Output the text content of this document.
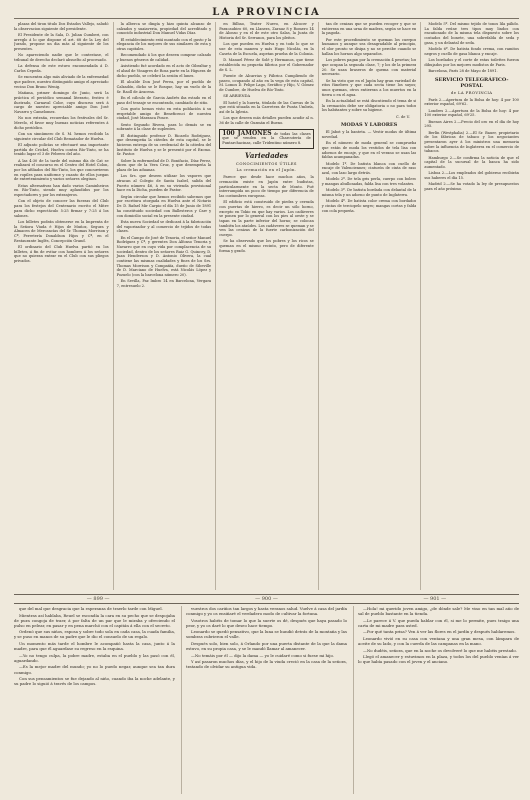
LA PROVINCIA

plazas del tiron titulo Dos Estados Vallejo, saludó la observacion siguiente del presidente.

El Presidente de la Sala, D. Julian Cumberi, con arreglo á lo que dispone el art. 68 de la Ley del Jurado, propone un dia más al siguiente de los presentes.

No apareciendo nadie que le contestase, el tribunal de derecho declaró absuelto al procesado.

La defensa de este estuvo encomendada á D. Carlos Cepeda.

Se encuentra algo más aliviado de la enfermedad que padece, nuestro distinguido amigo el apreciado vecino Don Bruno Wenig.

Mañana, primer domingo de Junio, será la práctica el periódico semanal literario, festivo é ilustrado, Carnaval Color, cuyo discurso será á cargo de nuestro apreciable amigo Don José Navarro y Camelomez.

No nos extraña, recuerdan los festivales del Sr. Merelo, el favor muy buenas noticias referentes á dicho periódico.

Con un sinnúmero de S. M. hemos recibido la siguiente circular del Club Rematador de Huelva.

El adjunto policías se efectuaré una importante partida de Crickel, Huelva contra Río-Tinto, se ha tenido lugar el 3 de Febrero del año.

A las 4:30 de la tarde del mismo día de Cat se realizará el concurso en el Centro del Hotel Colon, por los afiliados del Río-Tinto, los que concurrieron en ropiles para uniforme y cuanto de ellos juegan de entretenimiento y varios señores oleginos.

Estas alternativas han dado varios Caminheiros en Río-Tinto, siendo muy aplaudidos por los espectadores y por los extranjeros.

Con el objeto de conocer las fuerzas del Club para los festejos del Centenario escrito el Mitre para dicho espectáculo 5:25 firmar y 7:25 á los salones.

Los billetes podrán obtenerse en la Imprenta de la Señora Viuda é Hijos de Muñoz, Segura y Almacen de Mercancías del Sr. Thomas Morrison y Cª, Ferretería Donaldson Hijos y Cª, en el Restaurante Inglés, Concepción Grand.

El ordinario del Club Huelva partió en los billetes, á fin de evitar con hombres á los señores que no quieran entrar en el Club con sus pliegos privados.

la alberca se dingía y hizo quinta alcanzo de calzados y suaiaveria, propiedad del acreditado y conocido industrial Don Manuel Vidas Díaz.

El establecimiento está montado con el gusto y la elegancia de los mejores de sus similares de esta y otras capitales.

Recomendado á los que deseen comprar calzado y buenos géneros de calidad.

Asistiendo fué acordado en el acto de Gibraltar y el abad de Vinagres de Rosa parte en la Higuera de dicho pueblo, se celebró la sesión el lunes.

El alcalde Don José Perea, por el pueblo de Calzadón, dicho se le Bosque, hay un vuelo de la Sr. Raoll de Aracena.

En el cálculo de Garcia Andrés iba estado en el paso del tensaje se encontrado, cambiado de sitio.

Con gusto hemos visto en esta población á su respetable amigo de Beneficenci de nuestra ciudad, José Maranca Ponce.

Sexto Segundo Rivera, para lo demás se en sobrante á la clase de suplentes.

El distinguido profesor D. Ricardo Rodríguez, que desempeña la cátedra de esta capital, se le hicieron entrega de su credencial de la cátedra del Instituto de Huelva y se le presentó por el Excmo. Sr. Pastor.

Sobre la enfermedad de D. Bonifacio, Díaz Perez, dicen que de la Vera Cruz, y que desempeña la plaza de las aduanas.

Los Srs. que deseen utilizar los vapores que atracan al Colegio de Santa Isabel, salida del Puerto número 46, á en su vivienda provisional hace en la Dicha, pueden de Pastor.

Según circular que hemos recibido sabemos que por escritura otorgada en Huelva ante el Notario Dr. D. Rafael Mir Carpio el día 15 de Junio de 1891 ha constituido sociedad con Ballesteros y Carr y con domicilio social en la presente ciudad.

Esta nueva Sociedad se dedicará á la fabricación del vaporizador y al comercio de tejidos de todas clases.

En el Campo de José de Tenoria, el señor Manuel Rodríguez y Cª, y gerentes Don Alfonso Tenoria y Navarro que en cuyo vida por complacencia de su sociedad, dentro de los señores Ruiz G. Quincey, D. Juan Henderson y D. Antonio Olivera, la cual contiene las mismas cualidades y fines de los Srs. Thomas Morrison y Compañía, dueño de Sibeville de D. Marciano de Huelva, está Nicolás López y Pozuelo (con la barcelona número 20).

En Sevilla, Paz Imbro 14 en Barcelona, Vergara 7, entresuelo 2.

en Bilbao, Teater Nuevo, en Alcocer y Paracaubiro 60, en Llanera, Zarauz 8 y Romero 14 de Alonso y en el de este otro Salas, la Junta de Historia del Sr. Serranos, para los pleitos.

Los que pueden en Huelva y en todo lo que se use de esta manera y más Hugo Nicolás, en la Caseta de la Escuela, aspetan prueba de la Colonia.

D. Manuel Pérez de Solé y Hermanos, que tiene establecida su pequeña fábrica por el Gobernador de S. L.

Fuente de Alcarrias y Fábrica Cumpliendo de paseo, ocupando al año en la vega de esta capital, M. Lomos D. Felipe Lago, Seráfico y Hijo, V. Gómez de Cumbre, de Huelva de Río-Tinto.

SE ARRIENDA

El hotel y la huerta, titulado de las Cuevas de la que está situada en la Carretera de Punta Umbría, así de la Iglesia.

Los que deseen más detalles pueden acudir al n. 36 de la calle de Guzmán el Bueno.

100 JAMONES de todas las clases que se venden en la Charcutería de Puntarchacinas, calle Tridentino número 8.
Variedades
CONOCIMIENTOS ÚTILES
La cremación en el Japón.

Parece que desde hace muchos años, la cremación existe en Japón entre budistas, particularmente en la secta de Monto. Fué interrumpida un poco de tiempo por diferencia de las costumbres europeas.

El edificio está construido de piedra y cerrada con puertas de hierro, es decir un sólo horno, excepto en Tokio en que hay varios. Los cadáveres se ponen por lo general con los pies al oeste y se tapan en la parte inferior del horno; se colocan también los ataúdes. Los cadáveres se queman y se ven las cenizas de la fuerte carbonización del cuerpo.

Se ha observado que los pobres y los ricos se queman en el mismo recinto, pero de diferente forma y grado.

tan de cenizas que se pueden recoger y que se entierran en una urna de madera, según se hace en la pagoda.

Por este procedimiento se queman los cuerpos humanos y aunque sea desagradable al principio, el olor pronto se disipa y no se percibe cuando se hallan los hornos algo separados.

Los pobres pagan por la cremación 4 pesetas; los que ocupan la segunda clase, 7; y los de la primera 20. Se usan braseros de quema con material necesario.

Se ha visto que en el Japón hay gran variedad de ritos fúnebres y que cada secta tiene los suyos; unos queman, otros entierran a los muertos en la tierra o en el agua.

En la actualidad se está discutiendo el tema de si la cremación debe ser obligatoria o no para todos los habitantes y sobre su higiene.

C. de U.

MODAS Y LABORES

El Jabot y la banteta. — Vestir modas de última novedad.

En el número de moda general se comprueba que están de moda los vestidos de tela lisa con adornos de encaje, y que en el verano se usan las faldas acampanadas.

Modelo 1º. De batista blanca con cuello de encaje de Valenciennes; cinturón de cinta de raso azul, con lazo largo detrás.

Modelo 2º. De tela gris perla, cuerpo con bolero y mangas abullonadas, falda lisa con tres volantes.

Modelo 3º. De batista bordada con delantal de la misma tela y un adorno de punto de Inglaterra.

Modelo 4º. De batista color crema con bordados y cintas de terciopelo negro; mangas cortas y falda con cola pequeña.

Modelo 5º. Del mismo tejido de tonos lila pálido. La falda reúne tres tipos muy lindos con encañonado de la misma tela dispuesto sobre los costados del bonete, una sobrefalda de seda y gasa, y un delantal de seda.

Modelo 6º. De batista fondo crema, con ramitos negros y cuello de gasa blanca y encaje.

Los bordados y el corte de estas toilettes fueron dibujados por los mejores modistos de Paris.

Barcelona, París 28 de Mayo de 1891.

SERVICIO TELEGRÁFICO-POSTAL
de LA PROVINCIA

París 2.—Apertura de la Bolsa de hoy: 4 por 100 exterior español, 69'62.

Londres 2.—Apertura de la Bolsa de hoy: 4 por 100 exterior español, 69'25.

Buenos Aires 2.—Precio del oro en el día de hoy 295.

Berlín (Westphalia) 2.—El Sr. Bauer, propietario de los fábricas de tabaco y los negociantes presentaron ayer á los ministros una memoria sobre la influencia de Inglaterra en el comercio de tabacos.

Hamburgo 2.—Se confirma la noticia de que el capital de la sucursal de la banca ha sido aumentado.

Lisboa 2.—Los empleados del gobierno recibirán sus haberes el día 15.

Madrid 2.—Se ha votado la ley de presupuestos para el año próximo.

— 899 —	— 900 —	— 901 —

que del mal que desgracia que la esperanza de traerlo tarde con Miguel.

Mientras así hablaba, Reuel se escondía la cara en su pecho que se despojaba de pura congoja de traer, á por falta de un par que le miraba y ofreciendo el pulso en pelear, en pasar y en pena marchó con el capitán á ella con el secreto.

Ordenó que sus niños, esposa y sobre todo sola en cada casa, la cuada familia, y se puso en manos de su padre que le dio el consuelo de un regalo.

Un momento más tarde el hombre le acompañó hasta la casa, junto á la madre, para que él aguardase su regreso en la esquina.

—Yo no tengo culpa, la pobre madre, estaba en el pueblo y las pasó con él, aguardando.

—Es la mejor madre del mundo; yo no lo puedo negar, aunque sea tan dura conmigo.

Con sus pensamientos se fue dejando al niño, cuando iba la noche adelante, y su padre lo siguió á través de los campos.

vuestros dos cariños tan largos y hasta veranos salud. Vuelve á casa del jardín conmigo y yo os ensiñaré el verdadero modo de cultivar la fortuna.

Vosotros habéis de tomar lo que la suerte os dé, después que haya pasado lo peor, y yo os daré lo que deseo hace tiempo.

Leonardo se quedó pensativo, que la luna se hundió detrás de la montaña y las sombras cubrieron el valle.

Después solo, bien solo, á Orlando por una puerta distante de la que la dama estuvo, en su propia casa, y se le mandó llamar al amanecer.

—No temáis por él — dijo la dama — yo le cuidaré como si fuese mi hijo.

Y así pasaron muchos días, y el hijo de la viuda creció en la casa de la señora, tratando de olvidar su antigua vida.

—Hola! mi querido joven amigo, ¿de dónde sale? Me vino en tan mal año de sal de pueblo bastante en la tienda.

—Le parece á V. que pueda hablar con él, si me lo permite, pues traigo una carta de mi madre para usted.

—Por qué tanta prisa? Ven á ver las flores en el jardín y después hablaremos.

Leonardo vivió en su casa con ventana y una gran mesa, con lámpara de aceite de su lado, y con la cuerda de las campanas en la mano.

—No dudéis, señora, que en la noche os devolveré lo que me habéis prestado.

Llegó el amanecer y estuvimos en la plaza, y todos los del pueblo venían á ver lo que había pasado con el joven y el anciano.
